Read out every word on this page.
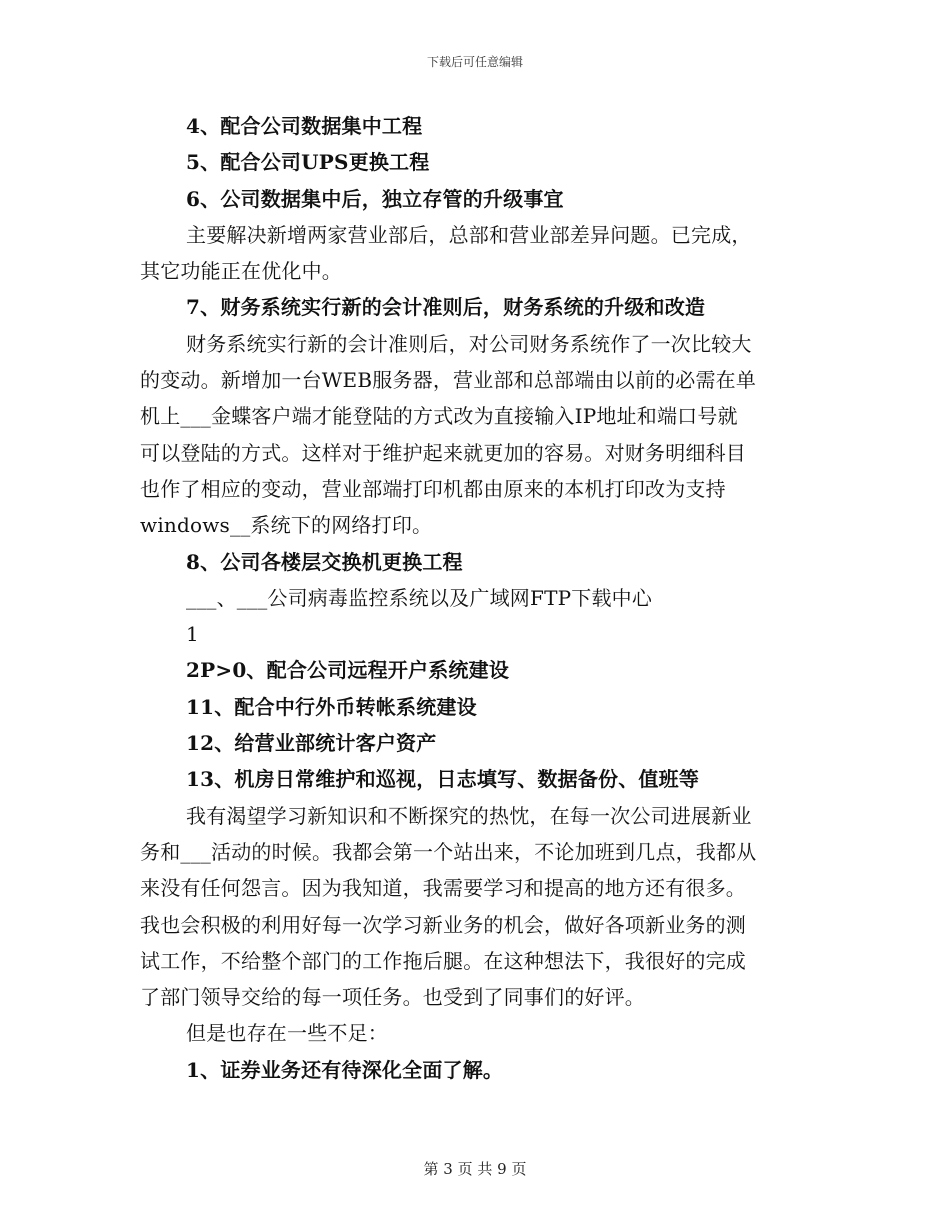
下载后可任意编辑
4、配合公司数据集中工程
5、配合公司UPS更换工程
6、公司数据集中后，独立存管的升级事宜
主要解决新增两家营业部后，总部和营业部差异问题。已完成，
其它功能正在优化中。
7、财务系统实行新的会计准则后，财务系统的升级和改造
财务系统实行新的会计准则后，对公司财务系统作了一次比较大
的变动。新增加一台WEB服务器，营业部和总部端由以前的必需在单
机上___金蝶客户端才能登陆的方式改为直接输入IP地址和端口号就
可以登陆的方式。这样对于维护起来就更加的容易。对财务明细科目
也作了相应的变动，营业部端打印机都由原来的本机打印改为支持
windows__系统下的网络打印。
8、公司各楼层交换机更换工程
___、___公司病毒监控系统以及广域网FTP下载中心
1
2P>0、配合公司远程开户系统建设
11、配合中行外币转帐系统建设
12、给营业部统计客户资产
13、机房日常维护和巡视，日志填写、数据备份、值班等
我有渴望学习新知识和不断探究的热忱，在每一次公司进展新业
务和___活动的时候。我都会第一个站出来，不论加班到几点，我都从
来没有任何怨言。因为我知道，我需要学习和提高的地方还有很多。
我也会积极的利用好每一次学习新业务的机会，做好各项新业务的测
试工作，不给整个部门的工作拖后腿。在这种想法下，我很好的完成
了部门领导交给的每一项任务。也受到了同事们的好评。
但是也存在一些不足：
1、证券业务还有待深化全面了解。
第 3 页 共 9 页
